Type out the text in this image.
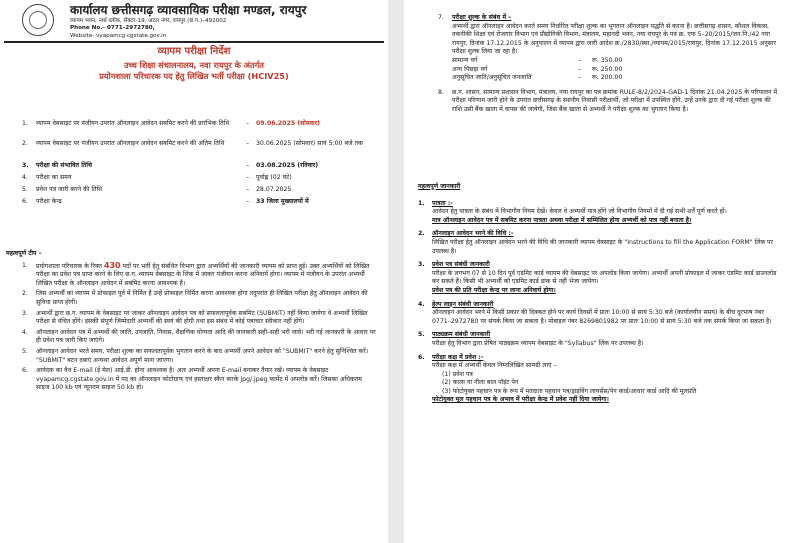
कार्यालय छत्तीसगढ़ व्यावसायिक परीक्षा मण्डल, रायपुर
व्यापम भवन, नार्थ ब्लॉक, सेक्टर-19, अटल नगर, रायपुर (छ.ग.)–492002
Phone No.– 0771–2972780,
Website- vyapamcg.cgstate.gov.in
व्यापम परीक्षा निर्देश
उच्च शिक्षा संचालनालय, नवा रायपुर के अंतर्गत
प्रयोगशाला परिचारक पद हेतु लिखित भर्ती परीक्षा (HCIV25)
1.	व्यापम वेबसाइट पर पंजीयन उपरांत ऑनलाइन आवेदन सबमिट करने की प्रारंभिक तिथि	–	09.06.2025 (सोमवार)
2.	व्यापम वेबसाइट पर पंजीयन उपरांत ऑनलाइन आवेदन सबमिट करने की अंतिम तिथि	–	30.06.2025 (सोमवार) सायं 5:00 बजे तक
3.	परीक्षा की संभावित तिथि	–	03.08.2025 (रविवार)
4.	परीक्षा का समय	–	पूर्वाह्न (02 घंटे)
5.	प्रवेश पत्र जारी करने की तिथि	–	28.07.2025
6.	परीक्षा केन्द्र	–	33 जिला मुख्यालयों में
महत्वपूर्ण टीप –
1.	प्रयोगशाला परिचारक के रिक्त 430 पदों पर भर्ती हेतु संबंधित विभाग द्वारा अभ्यर्थियों की जानकारी व्यापम को प्राप्त हुई। उक्त अभ्यर्थियों को लिखित परीक्षा का प्रवेश पत्र प्राप्त करने के लिए छ.ग. व्यापम वेबसाइट के लिंक में जाकर पंजीयन करना अनिवार्य होगा। व्यापम में पंजीयन के उपरांत अभ्यर्थी लिखित परीक्षा के ऑनलाइन आवेदन में सबमिट करना आवश्यक है।
2.	जिस अभ्यर्थी का व्यापम में प्रोफाइल पूर्व में निर्मित है उन्हें प्रोफाइल निर्मित करना आवश्यक होगा तदुपरांत ही लिखित परीक्षा हेतु ऑनलाइन आवेदन की सुविधा प्राप्त होगी।
3.	अभ्यर्थी द्वारा छ.ग. व्यापम के वेबसाइट पर जाकर ऑनलाइन आवेदन पत्र को सफलतापूर्वक सबमिट (SUBMIT) नहीं किया जायेगा वे अभ्यर्थी लिखित परीक्षा से वंचित होंगे। इसकी संपूर्ण जिम्मेदारी अभ्यर्थी की स्वयं की होगी तथा इस संबंध में कोई पत्राचार स्वीकार नहीं होंगे।
4.	ऑनलाइन आवेदन पत्र में अभ्यर्थी की जाति, उपजाति, निवास, शैक्षणिक योग्यता आदि की जानकारी सही–सही भरी जावे। भरी गई जानकारी के आधार पर ही प्रवेश पत्र जारी किए जाएंगे।
5.	ऑनलाइन आवेदन भरते समय, परीक्षा शुल्क का सफलतापूर्वक भुगतान करने के बाद अभ्यर्थी अपने आवेदन को "SUBMIT" करने हेतु सुनिश्चित करें। "SUBMIT" बटन दबाएं अन्यथा आवेदन अपूर्ण माना जाएगा।
6.	आवेदक का वैध E-mail (ई मेल) आई.डी. होना आवश्यक है। अतः अभ्यर्थी अपना E-mail बनाकर तैयार रखें। व्यापम के वेबसाइट vyapamcg.cgstate.gov.in में पद का ऑनलाइन फोटोग्राफ एवं हस्ताक्षर स्कैन करके jpg/.jpeg फार्मेट में अपलोड करें। जिसका अधिकतम साइज 100 kb एवं न्यूनतम साइज 50 kb हो।
7.	परीक्षा शुल्क के संबंध में –
अभ्यर्थी द्वारा ऑनलाइन आवेदन करते समय निर्धारित परीक्षा शुल्क का भुगतान ऑनलाइन पद्धति से करना है। छत्तीसगढ़ शासन, कौशल विकास, तकनीकी शिक्षा एवं रोजगार विभाग एवं प्रौद्योगिकी विभाग, मंत्रालय, महानदी भवन, नया रायपुर के पत्र क्र. एफ 5–20/2015/जन.नि./42 नया रायपुर, दिनांक 17.12.2015 के अनुपालन में व्यापम द्वारा जारी आदेश क्र./2830/स्था./व्यापम/2015/रायपुर, दिनांक 17.12.2015 अनुसार परीक्षा शुल्क लिया जा रहा है।
सामान्य वर्ग	–	रू. 350.00
अन्य पिछड़ा वर्ग	–	रू. 250.00
अनुसूचित जाति/अनुसूचित जनजाति	–	रू. 200.00
8.	छ.ग. शासन, सामान्य प्रशासन विभाग, मंत्रालय, नया रायपुर का पत्र क्रमांक RULE-8/2/2024-GAD-1 दिनांक 21.04.2025 के परिपालन में परीक्षा परिणाम जारी होने के उपरांत छत्तीसगढ़ के स्थानीय निवासी परीक्षार्थी, जो परीक्षा में उपस्थित होंगे, उन्हें उनके द्वारा दी गई परीक्षा शुल्क की राशि उसी बैंक खाता में वापस की जायेगी, जिस बैंक खाता से अभ्यर्थी ने परीक्षा शुल्क का भुगतान किया है।
महत्वपूर्ण जानकारी
1.	पात्रता :-
आवेदन हेतु पात्रता के संबंध में विभागीय नियम देखें। केवल वे अभ्यर्थी पात्र होंगे जो विभागीय नियमों में दी गई सभी शर्तें पूर्ण करते हों।
मात्र ऑनलाइन आवेदन पत्र में सबमिट करना पात्रता अथवा परीक्षा में सम्मिलित होना अभ्यर्थी को पात्र नहीं बनाता है।
2.	ऑनलाइन आवेदन भरने की विधि :-
लिखित परीक्षा हेतु ऑनलाइन आवेदन भरने की विधि की जानकारी व्यापम वेबसाइट के "Instructions to fill the Application FORM" लिंक पर उपलब्ध है।
3.	प्रवेश पत्र संबंधी जानकारी
परीक्षा के लगभग 07 से 10 दिन पूर्व एडमिट कार्ड व्यापम की वेबसाइट पर अपलोड किया जायेगा। अभ्यर्थी अपनी प्रोफाइल में जाकर एडमिट कार्ड डाउनलोड कर सकते हैं। किसी भी अभ्यर्थी को एडमिट कार्ड डाक से नहीं भेजा जायेगा।
प्रवेश पत्र की प्रति परीक्षा केन्द्र पर लाना अनिवार्य होगा।
4.	हेल्प लाइन संबंधी जानकारी
ऑनलाइन आवेदन भरने में किसी प्रकार की दिक्कत होने पर कार्य दिवसों में प्रातः 10:00 से सायं 5:30 बजे (कार्यालयीन समय) के बीच दूरभाष नंबर 0771–2972780 पर संपर्क किया जा सकता है। मोबाइल नंबर 8269801982 पर प्रातः 10:00 से सायं 5:30 बजे तक संपर्क किया जा सकता है।
5.	पाठ्यक्रम संबंधी जानकारी
परीक्षा हेतु विभाग द्वारा प्रेषित पाठ्यक्रम व्यापम वेबसाइट के "Syllabus" लिंक पर उपलब्ध है।
6.	परीक्षा कक्ष में प्रवेश :-
परीक्षा कक्ष में अभ्यर्थी केवल निम्नलिखित सामग्री लाएं –
(1) प्रवेश पत्र
(2) काला या नीला बाल पॉइंट पेन
(3) फोटोयुक्त पहचान पत्र के रूप में मतदाता पहचान पत्र/ड्राइविंग लायसेंस/पेन कार्ड/आधार कार्ड आदि की मूलप्रति
फोटोयुक्त मूल पहचान पत्र के अभाव में परीक्षा केन्द्र में प्रवेश नहीं दिया जायेगा।
